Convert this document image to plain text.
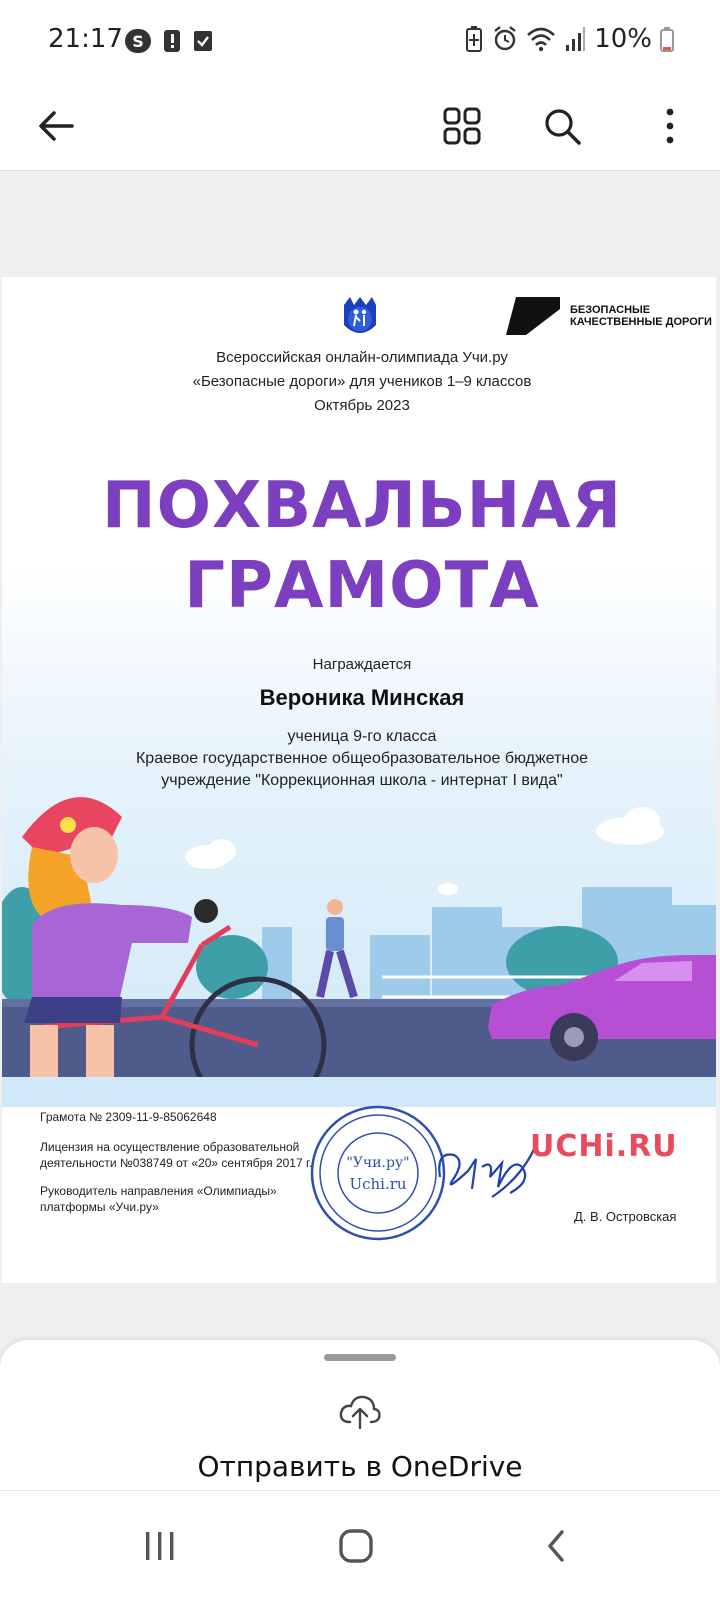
21:17 S	10%
БЕЗОПАСНЫЕ
КАЧЕСТВЕННЫЕ ДОРОГИ
Всероссийская онлайн-олимпиада Учи.ру
«Безопасные дороги» для учеников 1–9 классов
Октябрь 2023
ПОХВАЛЬНАЯ
ГРАМОТА
Награждается
Вероника Минская
ученица 9-го класса
Краевое государственное общеобразовательное бюджетное
учреждение "Коррекционная школа - интернат I вида"
Грамота № 2309-11-9-85062648
Лицензия на осуществление образовательной
деятельности №038749 от «20» сентября 2017 г.
Руководитель направления «Олимпиады»
платформы «Учи.ру»
"Учи.ру"
Uchi.ru
UCHi.RU
Д. В. Островская
Отправить в OneDrive
